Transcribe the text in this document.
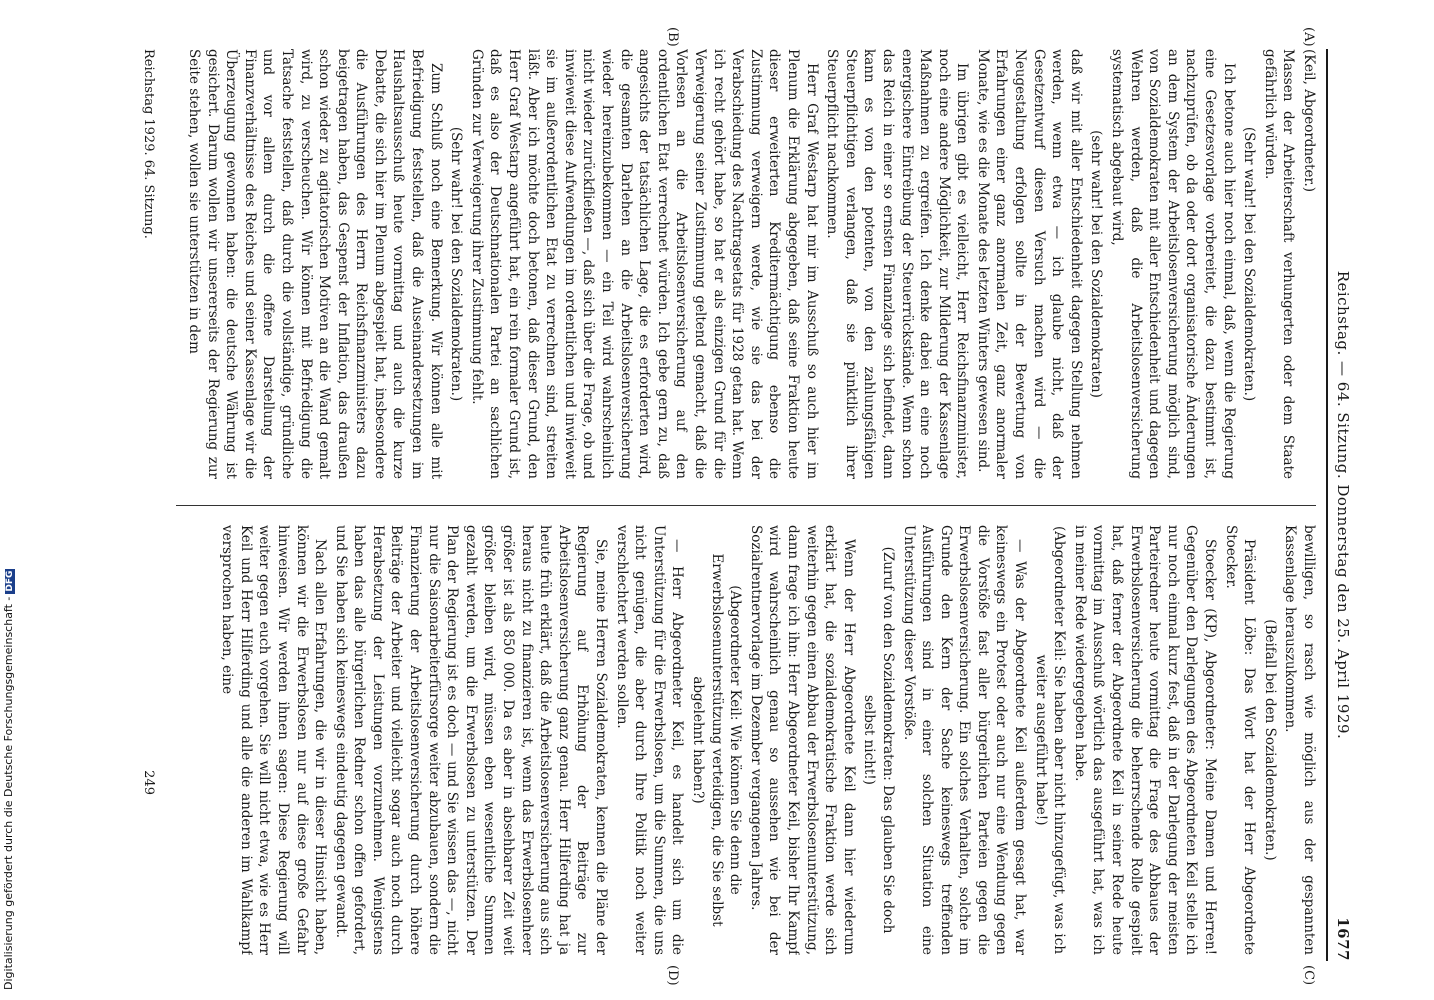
Reichstag. — 64. Sitzung. Donnerstag den 25. April 1929.
1677
(A)
(B)
(C)
(D)

(Keil, Abgeordneter.)

Massen der Arbeiterschaft verhungerten oder dem Staate gefährlich würden.

(Sehr wahr! bei den Sozialdemokraten.)

Ich betone auch hier noch einmal, daß, wenn die Regierung eine Gesetzesvorlage vorbereitet, die dazu bestimmt ist, nachzuprüfen, ob da oder dort organisatorische Änderungen an dem System der Arbeitslosenversicherung möglich sind, von Sozialdemokraten mit aller Entschiedenheit und dagegen Wehren werden, daß die Arbeitslosenversicherung systematisch abgebaut wird,

(sehr wahr! bei den Sozialdemokraten)

daß wir mit aller Entschiedenheit dagegen Stellung nehmen werden, wenn etwa — ich glaube nicht, daß der Gesetzentwurf diesen Versuch machen wird — die Neugestaltung erfolgen sollte in der Bewertung von Erfahrungen einer ganz anormalen Zeit, ganz anormaler Monate, wie es die Monate des letzten Winters gewesen sind.

Im übrigen gibt es vielleicht, Herr Reichsfinanzminister, noch eine andere Möglichkeit, zur Milderung der Kassenlage Maßnahmen zu ergreifen. Ich denke dabei an eine noch energischere Eintreibung der Steuerrückstände. Wenn schon das Reich in einer so ernsten Finanzlage sich befindet, dann kann es von den potenten, von den zahlungsfähigen Steuerpflichtigen verlangen, daß sie pünktlich ihrer Steuerpflicht nachkommen.

Herr Graf Westarp hat mir im Ausschuß so auch hier im Plenum die Erklärung abgegeben, daß seine Fraktion heute dieser erweiterten Kreditermächtigung ebenso die Zustimmung verweigern werde, wie sie das bei der Verabschiedung des Nachtragsetats für 1928 getan hat. Wenn ich recht gehört habe, so hat er als einzigen Grund für die Verweigerung seiner Zustimmung geltend gemacht, daß die Vorlesen an die Arbeitslosenversicherung auf den ordentlichen Etat verrechnet würden. Ich gebe gern zu, daß angesichts der tatsächlichen Lage, die es erforderten wird, die gesamten Darlehen an die Arbeitslosenversicherung wieder hereinzubekommen — ein Teil wird wahrscheinlich nicht wieder zurückfließen —, daß sich über die Frage, ob und inwieweit diese Aufwendungen im ordentlichen und inwieweit sie im außerordentlichen Etat zu verrechnen sind, streiten läßt. Aber ich möchte doch betonen, daß dieser Grund, den Herr Graf Westarp angeführt hat, ein rein formaler Grund ist, daß es also der Deutschnationalen Partei an sachlichen Gründen zur Verweigerung ihrer Zustimmung fehlt.

(Sehr wahr! bei den Sozialdemokraten.)

Zum Schluß noch eine Bemerkung. Wir können alle mit Befriedigung feststellen, daß die Auseinandersetzungen im Haushaltsausschuß heute vormittag und auch die kurze Debatte, die sich hier im Plenum abgespielt hat, insbesondere die Ausführungen des Herrn Reichsfinanzministers dazu beigetragen haben, das Gespenst der Inflation, das draußen schon wieder zu agitatorischen Motiven an die Wand gemalt wird, zu verscheuchen. Wir können mit Befriedigung die Tatsache feststellen, daß durch die vollständige, gründliche und vor allem durch die offene Darstellung der Finanzverhältnisse des Reiches und seiner Kassenlage wir die Überzeugung gewonnen haben: die deutsche Währung ist gesichert. Darum wollen wir unsererseits der Regierung zur Seite stehen, wollen sie unterstützen in dem

bewilligen, so rasch wie möglich aus der gespannten Kassenlage herauszukommen.

(Beifall bei den Sozialdemokraten.)

Präsident Löbe: Das Wort hat der Herr Abgeordnete Stoecker.

Stoecker (KP), Abgeordneter: Meine Damen und Herren! Gegenüber den Darlegungen des Abgeordneten Keil stelle ich nur noch einmal kurz fest, daß in der Darlegung der meisten Parteiredner heute vormittag die Frage des Abbaues der Erwerbslosenversicherung die beherrschende Rolle gespielt hat, daß ferner der Abgeordnete Keil in seiner Rede heute vormittag im Ausschuß wörtlich das ausgeführt hat, was ich in meiner Rede wiedergegeben habe.

(Abgeordneter Keil: Sie haben aber nicht hinzugefügt, was ich weiter ausgeführt habe!)

— Was der Abgeordnete Keil außerdem gesagt hat, war keineswegs ein Protest oder auch nur eine Wendung gegen die Vorstöße fast aller bürgerlichen Parteien gegen die Erwerbslosenversicherung. Ein solches Verhalten, solche im Grunde den Kern der Sache keineswegs treffenden Ausführungen sind in einer solchen Situation eine Unterstützung dieser Vorstöße.

(Zuruf von den Sozialdemokraten: Das glauben Sie doch selbst nicht!)

Wenn der Herr Abgeordnete Keil dann hier wiederum erklärt hat, die sozialdemokratische Fraktion werde sich weiterhin gegen einen Abbau der Erwerbslosenunterstützung, dann frage ich ihn: Herr Abgeordneter Keil, bisher Ihr Kampf wird wahrscheinlich genau so aussehen wie bei der Sozialrentnervorlage im Dezember vergangenen Jahres.

(Abgeordneter Keil: Wie können Sie denn die Erwerbslosenunterstützung verteidigen, die Sie selbst abgelehnt haben?)

— Herr Abgeordneter Keil, es handelt sich um die Unterstützung für die Erwerbslosen, um die Summen, die uns nicht genügen, die aber durch Ihre Politik noch weiter verschlechtert werden sollen.

Sie, meine Herren Sozialdemokraten, kennen die Pläne der Regierung auf Erhöhung der Beiträge zur Arbeitslosenversicherung ganz genau. Herr Hilferding hat ja heute früh erklärt, daß die Arbeitslosenversicherung aus sich heraus nicht zu finanzieren ist, wenn das Erwerbslosenheer größer ist als 850 000. Da es aber in absehbarer Zeit weit größer bleiben wird, müssen eben wesentliche Summen gezahlt werden, um die Erwerbslosen zu unterstützen. Der Plan der Regierung ist es doch — und Sie wissen das —, nicht nur die Saisonarbeiterfürsorge weiter abzubauen, sondern die Finanzierung der Arbeitslosenversicherung durch höhere Beiträge der Arbeiter und vielleicht sogar auch noch durch Herabsetzung der Leistungen vorzunehmen. Wenigstens haben das alle bürgerlichen Redner schon offen gefordert, und Sie haben sich keineswegs eindeutig dagegen gewandt.

Nach allen Erfahrungen, die wir in dieser Hinsicht haben, können wir die Erwerbslosen nur auf diese große Gefahr hinweisen. Wir werden ihnen sagen: Diese Regierung will weiter gegen euch vorgehen. Sie will nicht etwa, wie es Herr Keil und Herr Hilferding und alle die anderen im Wahlkampf versprochen haben, eine

Reichstag 1929. 64. Sitzung.
249
Digitalisierung gefördert durch die Deutsche Forschungsgemeinschaft -DFG
